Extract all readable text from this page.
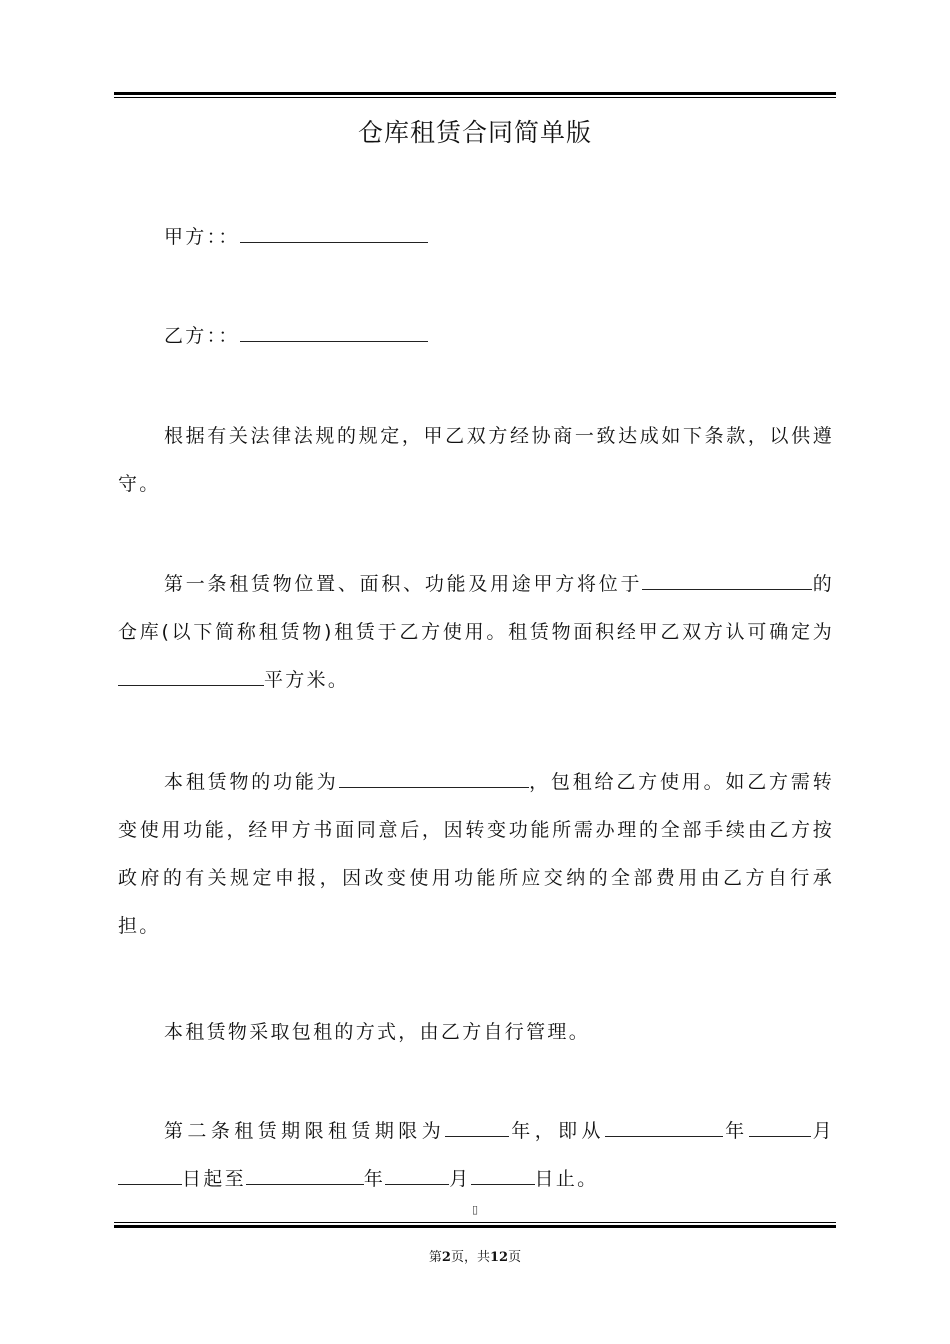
仓库租赁合同简单版

甲方：：

乙方：：

根据有关法律法规的规定，甲乙双方经协商一致达成如下条款，以供遵守。

第一条租赁物位置、面积、功能及用途甲方将位于	的仓库(以下简称租赁物)租赁于乙方使用。租赁物面积经甲乙双方认可确定为平方米。

本租赁物的功能为	，包租给乙方使用。如乙方需转变使用功能，经甲方书面同意后，因转变功能所需办理的全部手续由乙方按政府的有关规定申报，因改变使用功能所应交纳的全部费用由乙方自行承担。

本租赁物采取包租的方式，由乙方自行管理。

第二条租赁期限租赁期限为	年，即从	年	月日起至	年	月	日止。

▯
第2页，共12页
